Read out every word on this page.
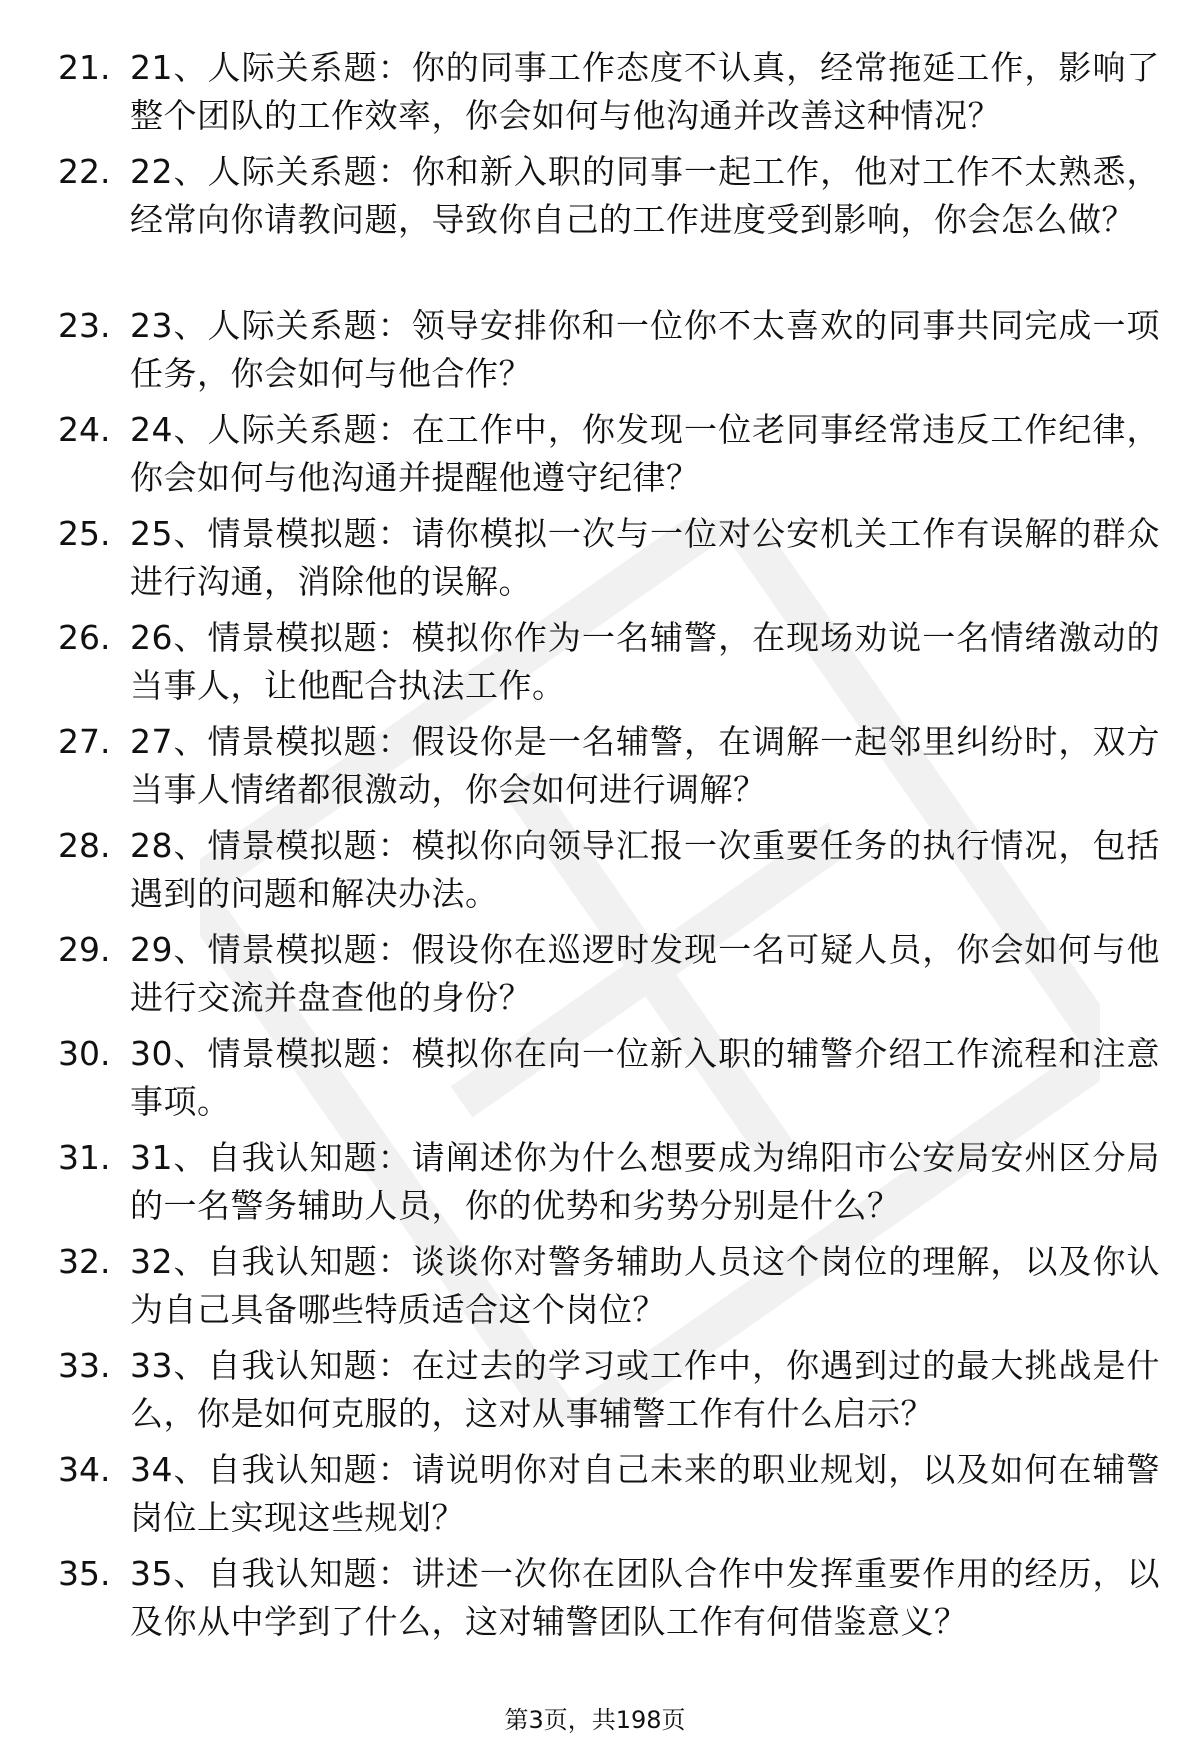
21. 21、人际关系题：你的同事工作态度不认真，经常拖延工作，影响了整个团队的工作效率，你会如何与他沟通并改善这种情况？
22. 22、人际关系题：你和新入职的同事一起工作，他对工作不太熟悉，经常向你请教问题，导致你自己的工作进度受到影响，你会怎么做？
23. 23、人际关系题：领导安排你和一位你不太喜欢的同事共同完成一项任务，你会如何与他合作？
24. 24、人际关系题：在工作中，你发现一位老同事经常违反工作纪律，你会如何与他沟通并提醒他遵守纪律？
25. 25、情景模拟题：请你模拟一次与一位对公安机关工作有误解的群众进行沟通，消除他的误解。
26. 26、情景模拟题：模拟你作为一名辅警，在现场劝说一名情绪激动的当事人，让他配合执法工作。
27. 27、情景模拟题：假设你是一名辅警，在调解一起邻里纠纷时，双方当事人情绪都很激动，你会如何进行调解？
28. 28、情景模拟题：模拟你向领导汇报一次重要任务的执行情况，包括遇到的问题和解决办法。
29. 29、情景模拟题：假设你在巡逻时发现一名可疑人员，你会如何与他进行交流并盘查他的身份？
30. 30、情景模拟题：模拟你在向一位新入职的辅警介绍工作流程和注意事项。
31. 31、自我认知题：请阐述你为什么想要成为绵阳市公安局安州区分局的一名警务辅助人员，你的优势和劣势分别是什么？
32. 32、自我认知题：谈谈你对警务辅助人员这个岗位的理解，以及你认为自己具备哪些特质适合这个岗位？
33. 33、自我认知题：在过去的学习或工作中，你遇到过的最大挑战是什么，你是如何克服的，这对从事辅警工作有什么启示？
34. 34、自我认知题：请说明你对自己未来的职业规划，以及如何在辅警岗位上实现这些规划？
35. 35、自我认知题：讲述一次你在团队合作中发挥重要作用的经历，以及你从中学到了什么，这对辅警团队工作有何借鉴意义？
第3页，共198页
